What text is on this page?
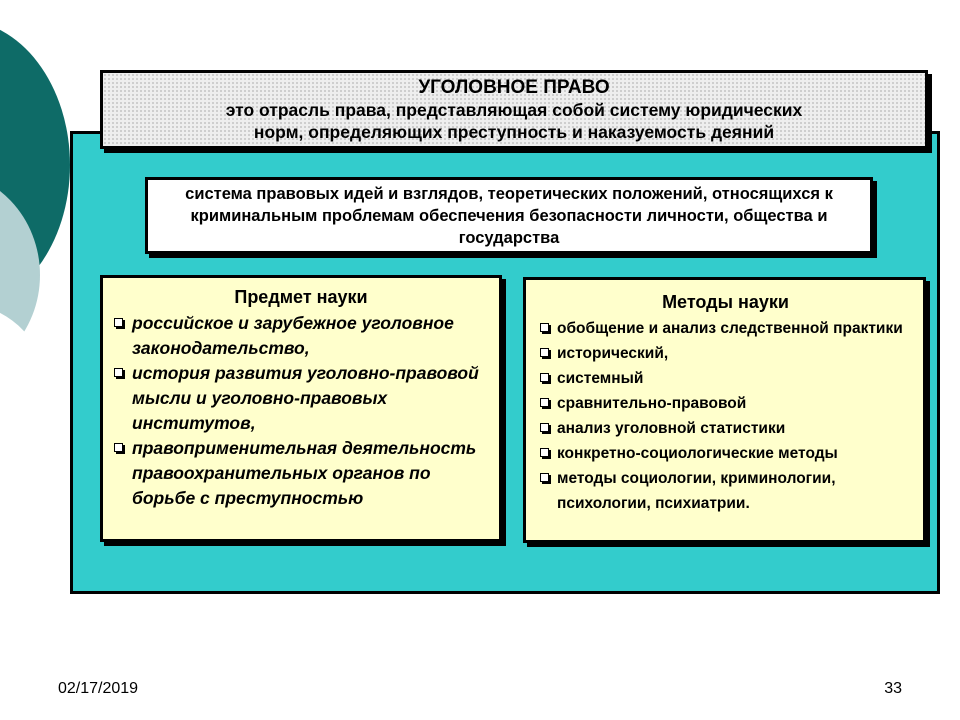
УГОЛОВНОЕ ПРАВО
это отрасль права, представляющая собой систему юридических
норм, определяющих преступность и наказуемость деяний
система правовых идей и взглядов, теоретических положений, относящихся к криминальным проблемам обеспечения безопасности личности, общества и государства
Предмет науки
российское и зарубежное уголовное законодательство,
история развития уголовно-правовой мысли и уголовно-правовых институтов,
правоприменительная деятельность правоохранительных органов по борьбе с преступностью
Методы науки
обобщение и анализ следственной практики
исторический,
системный
сравнительно-правовой
анализ уголовной статистики
конкретно-социологические методы
методы социологии, криминологии, психологии, психиатрии.
02/17/2019	33
